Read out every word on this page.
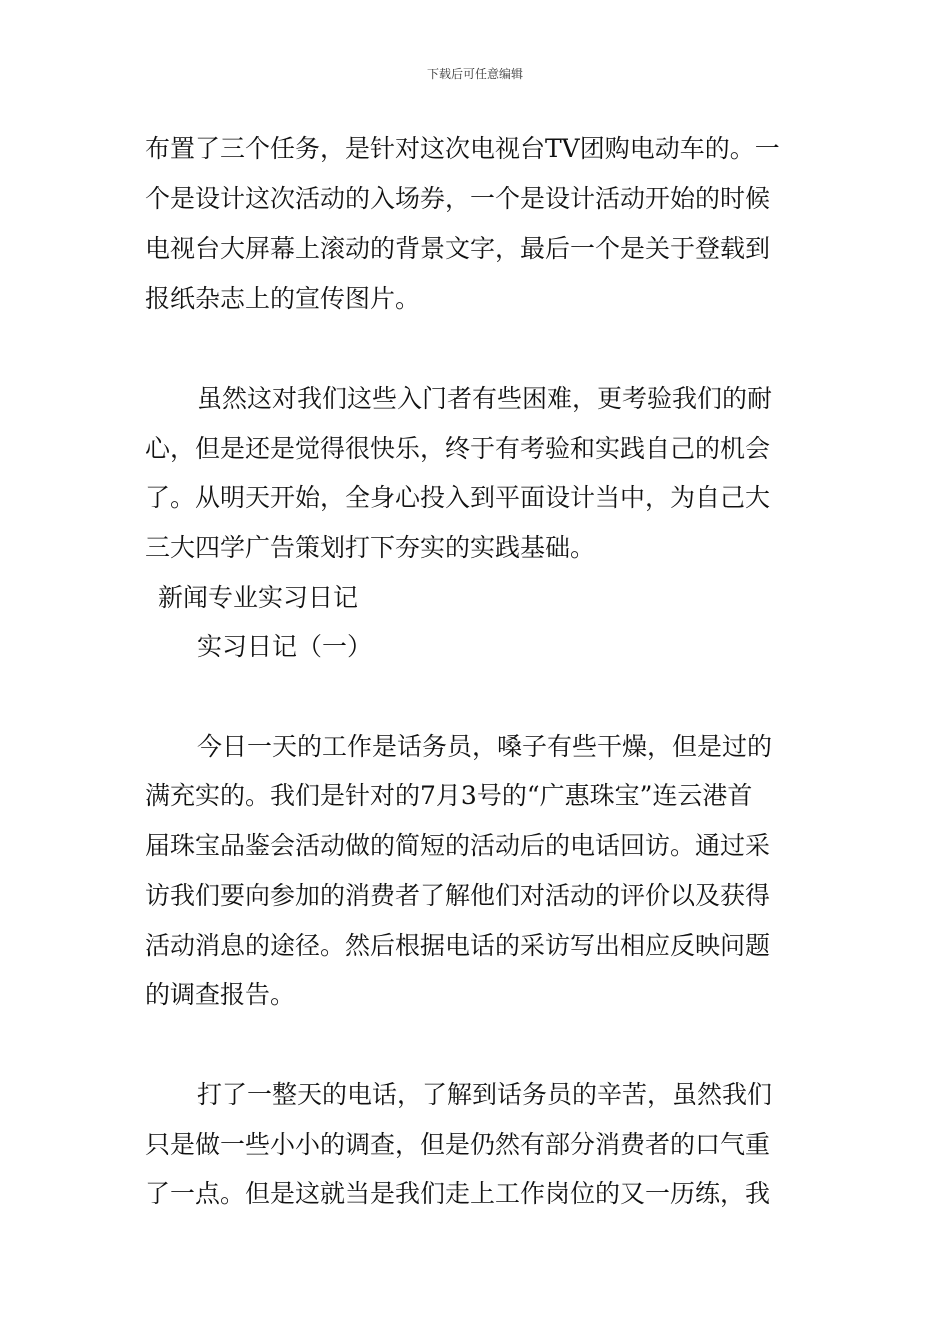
下载后可任意编辑
布置了三个任务，是针对这次电视台TV团购电动车的。一
个是设计这次活动的入场券，一个是设计活动开始的时候
电视台大屏幕上滚动的背景文字，最后一个是关于登载到
报纸杂志上的宣传图片。
虽然这对我们这些入门者有些困难，更考验我们的耐
心，但是还是觉得很快乐，终于有考验和实践自己的机会
了。从明天开始，全身心投入到平面设计当中，为自己大
三大四学广告策划打下夯实的实践基础。
新闻专业实习日记
实习日记（一）
今日一天的工作是话务员，嗓子有些干燥，但是过的
满充实的。我们是针对的7月3号的“广惠珠宝”连云港首
届珠宝品鉴会活动做的简短的活动后的电话回访。通过采
访我们要向参加的消费者了解他们对活动的评价以及获得
活动消息的途径。然后根据电话的采访写出相应反映问题
的调查报告。
打了一整天的电话，了解到话务员的辛苦，虽然我们
只是做一些小小的调查，但是仍然有部分消费者的口气重
了一点。但是这就当是我们走上工作岗位的又一历练，我
